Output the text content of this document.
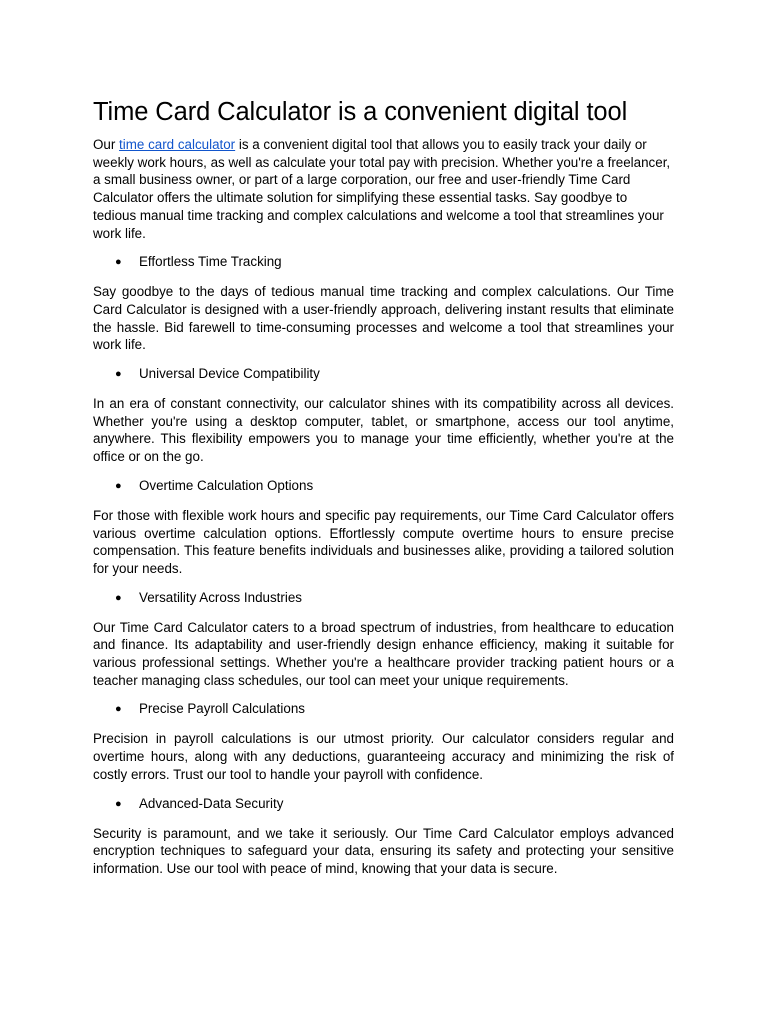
Time Card Calculator is a convenient digital tool

Our time card calculator is a convenient digital tool that allows you to easily track your daily or weekly work hours, as well as calculate your total pay with precision. Whether you're a freelancer, a small business owner, or part of a large corporation, our free and user-friendly Time Card Calculator offers the ultimate solution for simplifying these essential tasks. Say goodbye to tedious manual time tracking and complex calculations and welcome a tool that streamlines your work life.

●	Effortless Time Tracking

Say goodbye to the days of tedious manual time tracking and complex calculations. Our Time Card Calculator is designed with a user-friendly approach, delivering instant results that eliminate the hassle. Bid farewell to time-consuming processes and welcome a tool that streamlines your work life.

●	Universal Device Compatibility

In an era of constant connectivity, our calculator shines with its compatibility across all devices. Whether you're using a desktop computer, tablet, or smartphone, access our tool anytime, anywhere. This flexibility empowers you to manage your time efficiently, whether you're at the office or on the go.

●	Overtime Calculation Options

For those with flexible work hours and specific pay requirements, our Time Card Calculator offers various overtime calculation options. Effortlessly compute overtime hours to ensure precise compensation. This feature benefits individuals and businesses alike, providing a tailored solution for your needs.

●	Versatility Across Industries

Our Time Card Calculator caters to a broad spectrum of industries, from healthcare to education and finance. Its adaptability and user-friendly design enhance efficiency, making it suitable for various professional settings. Whether you're a healthcare provider tracking patient hours or a teacher managing class schedules, our tool can meet your unique requirements.

●	Precise Payroll Calculations

Precision in payroll calculations is our utmost priority. Our calculator considers regular and overtime hours, along with any deductions, guaranteeing accuracy and minimizing the risk of costly errors. Trust our tool to handle your payroll with confidence.

●	Advanced-Data Security

Security is paramount, and we take it seriously. Our Time Card Calculator employs advanced encryption techniques to safeguard your data, ensuring its safety and protecting your sensitive information. Use our tool with peace of mind, knowing that your data is secure.
